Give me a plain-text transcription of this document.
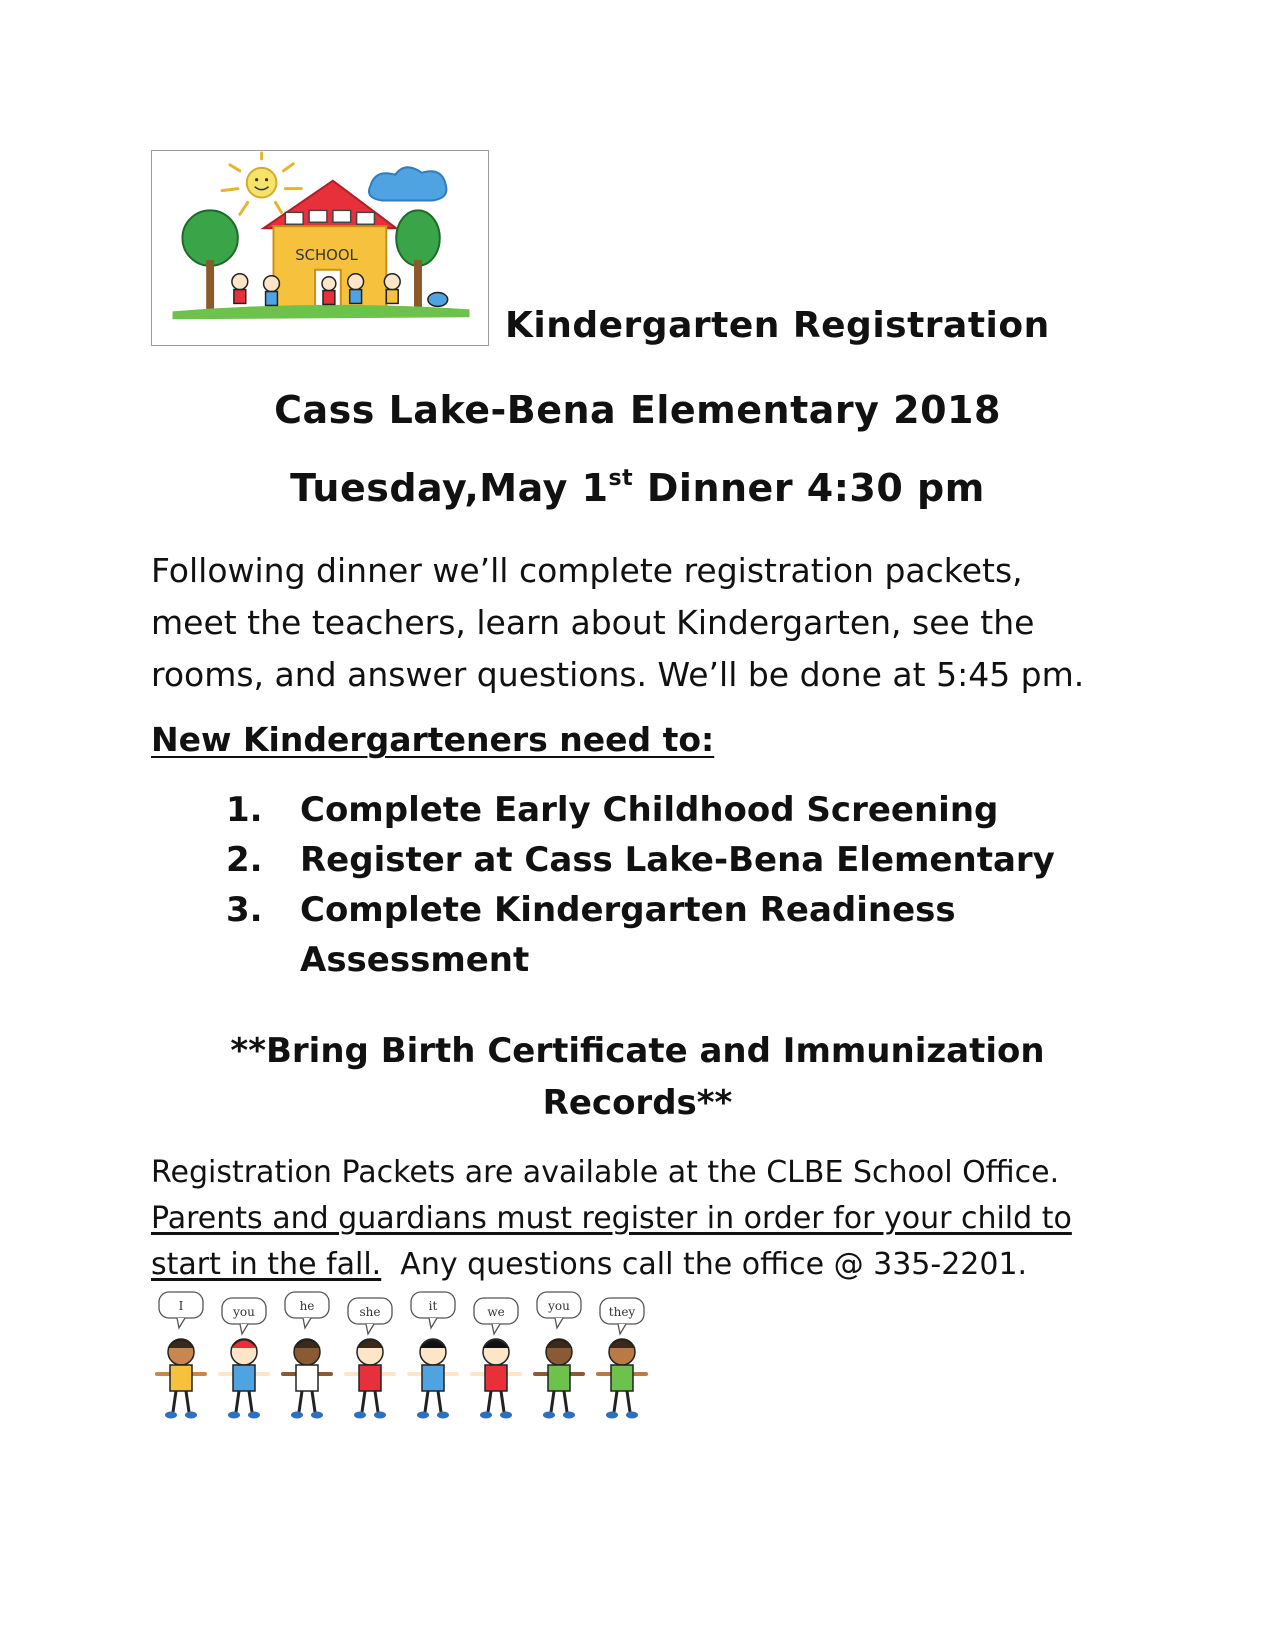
SCHOOL
Kindergarten Registration
Cass Lake-Bena Elementary 2018
Tuesday,May 1st Dinner 4:30 pm
Following dinner we’ll complete registration packets,
meet the teachers, learn about Kindergarten, see the
rooms, and answer questions. We’ll be done at 5:45 pm.
New Kindergarteners need to:
1. Complete Early Childhood Screening
2. Register at Cass Lake-Bena Elementary
3. Complete Kindergarten Readiness
Assessment
**Bring Birth Certificate and Immunization
Records**
Registration Packets are available at the CLBE School Office.
Parents and guardians must register in order for your child to
start in the fall.  Any questions call the office @ 335-2201.
I	you	he	she	it	we	you	they
